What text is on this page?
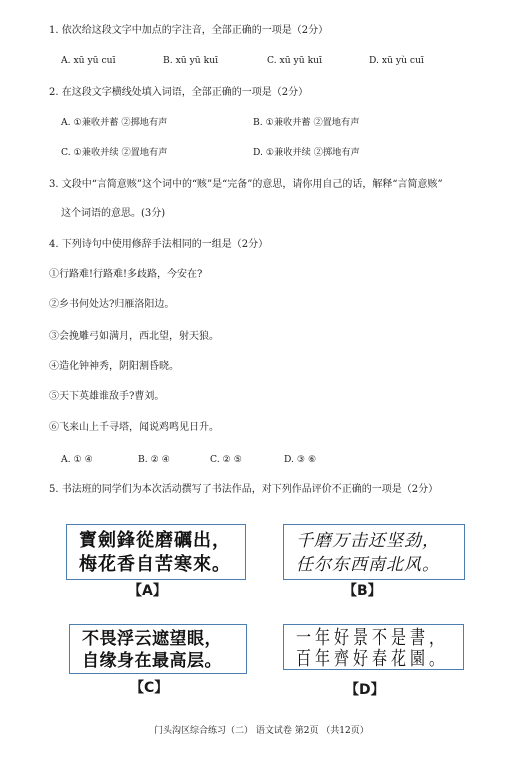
1. 依次给这段文字中加点的字注音，全部正确的一项是（2分）
A. xū yū cuī	B. xū yū kuī	C. xū yū kuī	D. xū yù cuī
2. 在这段文字横线处填入词语，全部正确的一项是（2分）
A. ①兼收并蓄 ②掷地有声	B. ①兼收并蓄 ②置地有声
C. ①兼收并续 ②置地有声	D. ①兼收并续 ②掷地有声
3. 文段中“言简意赅”这个词中的“赅”是“完备”的意思，请你用自己的话，解释“言简意赅”
这个词语的意思。(3分)
4. 下列诗句中使用修辞手法相同的一组是（2分）
①行路难!行路难!多歧路，今安在?
②乡书何处达?归雁洛阳边。
③会挽雕弓如满月，西北望，射天狼。
④造化钟神秀，阴阳割昏晓。
⑤天下英雄谁敌手?曹刘。
⑥飞来山上千寻塔，闻说鸡鸣见日升。
A. ① ④	B. ② ④	C. ② ⑤	D. ③ ⑥
5. 书法班的同学们为本次活动撰写了书法作品，对下列作品评价不正确的一项是（2分）
寳劍鋒從磨礪出，
梅花香自苦寒來。
【A】
千磨万击还坚劲，
任尔东西南北风。
【B】
不畏浮云遮望眼，
自缘身在最高层。
【C】
一年好景不是書，
百年齊好春花園。
【D】
门头沟区综合练习（二） 语文试卷 第2页 （共12页）
